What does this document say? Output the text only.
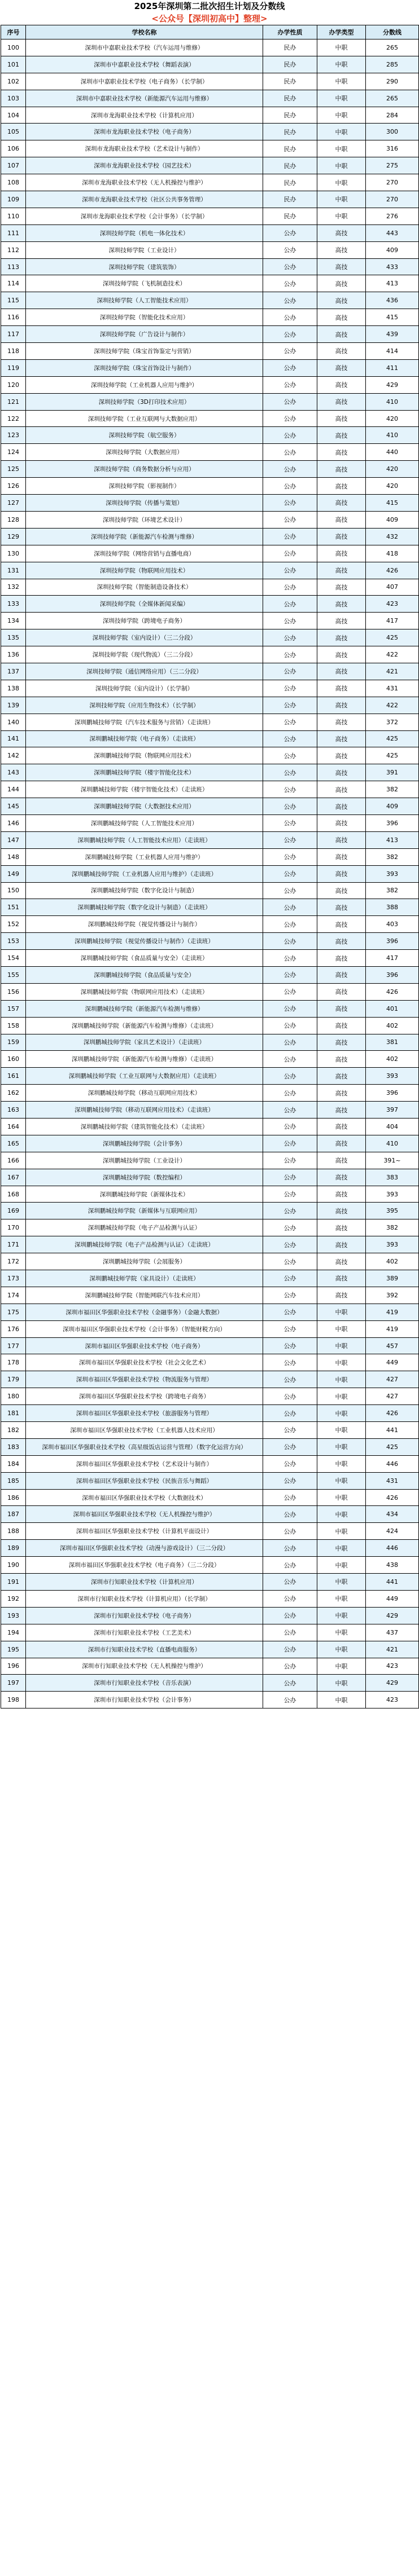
2025年深圳第二批次招生计划及分数线
<公众号【深圳初高中】整理>
序号	学校名称	办学性质	办学类型	分数线
100	深圳市中嘉职业技术学校（汽车运用与维修）	民办	中职	265
101	深圳市中嘉职业技术学校（舞蹈表演）	民办	中职	285
102	深圳市中嘉职业技术学校（电子商务）（长学制）	民办	中职	290
103	深圳市中嘉职业技术学校（新能源汽车运用与维修）	民办	中职	265
104	深圳市龙海职业技术学校（计算机应用）	民办	中职	284
105	深圳市龙海职业技术学校（电子商务）	民办	中职	300
106	深圳市龙海职业技术学校（艺术设计与制作）	民办	中职	316
107	深圳市龙海职业技术学校（园艺技术）	民办	中职	275
108	深圳市龙海职业技术学校（无人机操控与维护）	民办	中职	270
109	深圳市龙海职业技术学校（社区公共事务管理）	民办	中职	270
110	深圳市龙海职业技术学校（会计事务）（长学制）	民办	中职	276
111	深圳技师学院（机电一体化技术）	公办	高技	443
112	深圳技师学院（工业设计）	公办	高技	409
113	深圳技师学院（建筑装饰）	公办	高技	433
114	深圳技师学院（飞机制造技术）	公办	高技	413
115	深圳技师学院（人工智能技术应用）	公办	高技	436
116	深圳技师学院（智能化技术应用）	公办	高技	415
117	深圳技师学院（广告设计与制作）	公办	高技	439
118	深圳技师学院（珠宝首饰鉴定与营销）	公办	高技	414
119	深圳技师学院（珠宝首饰设计与制作）	公办	高技	411
120	深圳技师学院（工业机器人应用与维护）	公办	高技	429
121	深圳技师学院（3D打印技术应用）	公办	高技	410
122	深圳技师学院（工业互联网与大数据应用）	公办	高技	420
123	深圳技师学院（航空服务）	公办	高技	410
124	深圳技师学院（大数据应用）	公办	高技	440
125	深圳技师学院（商务数据分析与应用）	公办	高技	420
126	深圳技师学院（影视制作）	公办	高技	420
127	深圳技师学院（传播与策划）	公办	高技	415
128	深圳技师学院（环境艺术设计）	公办	高技	409
129	深圳技师学院（新能源汽车检测与维修）	公办	高技	432
130	深圳技师学院（网络营销与直播电商）	公办	高技	418
131	深圳技师学院（物联网应用技术）	公办	高技	426
132	深圳技师学院（智能制造设备技术）	公办	高技	407
133	深圳技师学院（全媒体新闻采编）	公办	高技	423
134	深圳技师学院（跨境电子商务）	公办	高技	417
135	深圳技师学院（室内设计）（三二分段）	公办	高技	425
136	深圳技师学院（现代物流）（三二分段）	公办	高技	422
137	深圳技师学院（通信网络应用）（三二分段）	公办	高技	421
138	深圳技师学院（室内设计）（长学制）	公办	高技	431
139	深圳技师学院（应用生物技术）（长学制）	公办	高技	422
140	深圳鹏城技师学院（汽车技术服务与营销）（走读班）	公办	高技	372
141	深圳鹏城技师学院（电子商务）（走读班）	公办	高技	425
142	深圳鹏城技师学院（物联网应用技术）	公办	高技	425
143	深圳鹏城技师学院（楼宇智能化技术）	公办	高技	391
144	深圳鹏城技师学院（楼宇智能化技术）（走读班）	公办	高技	382
145	深圳鹏城技师学院（大数据技术应用）	公办	高技	409
146	深圳鹏城技师学院（人工智能技术应用）	公办	高技	396
147	深圳鹏城技师学院（人工智能技术应用）（走读班）	公办	高技	413
148	深圳鹏城技师学院（工业机器人应用与维护）	公办	高技	382
149	深圳鹏城技师学院（工业机器人应用与维护）（走读班）	公办	高技	393
150	深圳鹏城技师学院（数字化设计与制造）	公办	高技	382
151	深圳鹏城技师学院（数字化设计与制造）（走读班）	公办	高技	388
152	深圳鹏城技师学院（视觉传播设计与制作）	公办	高技	403
153	深圳鹏城技师学院（视觉传播设计与制作）（走读班）	公办	高技	396
154	深圳鹏城技师学院（食品质量与安全）（走读班）	公办	高技	417
155	深圳鹏城技师学院（食品质量与安全）	公办	高技	396
156	深圳鹏城技师学院（物联网应用技术）（走读班）	公办	高技	426
157	深圳鹏城技师学院（新能源汽车检测与维修）	公办	高技	401
158	深圳鹏城技师学院（新能源汽车检测与维修）（走读班）	公办	高技	402
159	深圳鹏城技师学院（家具艺术设计）（走读班）	公办	高技	381
160	深圳鹏城技师学院（新能源汽车检测与维修）（走读班）	公办	高技	402
161	深圳鹏城技师学院（工业互联网与大数据应用）（走读班）	公办	高技	393
162	深圳鹏城技师学院（移动互联网应用技术）	公办	高技	396
163	深圳鹏城技师学院（移动互联网应用技术）（走读班）	公办	高技	397
164	深圳鹏城技师学院（建筑智能化技术）（走读班）	公办	高技	404
165	深圳鹏城技师学院（会计事务）	公办	高技	410
166	深圳鹏城技师学院（工业设计）	公办	高技	391~
167	深圳鹏城技师学院（数控编程）	公办	高技	383
168	深圳鹏城技师学院（新媒体技术）	公办	高技	393
169	深圳鹏城技师学院（新媒体与互联网应用）	公办	高技	395
170	深圳鹏城技师学院（电子产品检测与认证）	公办	高技	382
171	深圳鹏城技师学院（电子产品检测与认证）（走读班）	公办	高技	393
172	深圳鹏城技师学院（会展服务）	公办	高技	402
173	深圳鹏城技师学院（家具设计）（走读班）	公办	高技	389
174	深圳鹏城技师学院（智能网联汽车技术应用）	公办	高技	392
175	深圳市福田区华强职业技术学校（金融事务）（金融大数据）	公办	中职	419
176	深圳市福田区华强职业技术学校（会计事务）（智能财税方向）	公办	中职	419
177	深圳市福田区华强职业技术学校（电子商务）	公办	中职	457
178	深圳市福田区华强职业技术学校（社会文化艺术）	公办	中职	449
179	深圳市福田区华强职业技术学校（物流服务与管理）	公办	中职	427
180	深圳市福田区华强职业技术学校（跨境电子商务）	公办	中职	427
181	深圳市福田区华强职业技术学校（旅游服务与管理）	公办	中职	426
182	深圳市福田区华强职业技术学校（工业机器人技术应用）	公办	中职	441
183	深圳市福田区华强职业技术学校（高星级饭店运营与管理）（数字化运营方向）	公办	中职	425
184	深圳市福田区华强职业技术学校（艺术设计与制作）	公办	中职	446
185	深圳市福田区华强职业技术学校（民族音乐与舞蹈）	公办	中职	431
186	深圳市福田区华强职业技术学校（大数据技术）	公办	中职	426
187	深圳市福田区华强职业技术学校（无人机操控与维护）	公办	中职	434
188	深圳市福田区华强职业技术学校（计算机平面设计）	公办	中职	424
189	深圳市福田区华强职业技术学校（动漫与游戏设计）（三二分段）	公办	中职	446
190	深圳市福田区华强职业技术学校（电子商务）（三二分段）	公办	中职	438
191	深圳市行知职业技术学校（计算机应用）	公办	中职	441
192	深圳市行知职业技术学校（计算机应用）（长学制）	公办	中职	449
193	深圳市行知职业技术学校（电子商务）	公办	中职	429
194	深圳市行知职业技术学校（工艺美术）	公办	中职	437
195	深圳市行知职业技术学校（直播电商服务）	公办	中职	421
196	深圳市行知职业技术学校（无人机操控与维护）	公办	中职	423
197	深圳市行知职业技术学校（音乐表演）	公办	中职	429
198	深圳市行知职业技术学校（会计事务）	公办	中职	423
